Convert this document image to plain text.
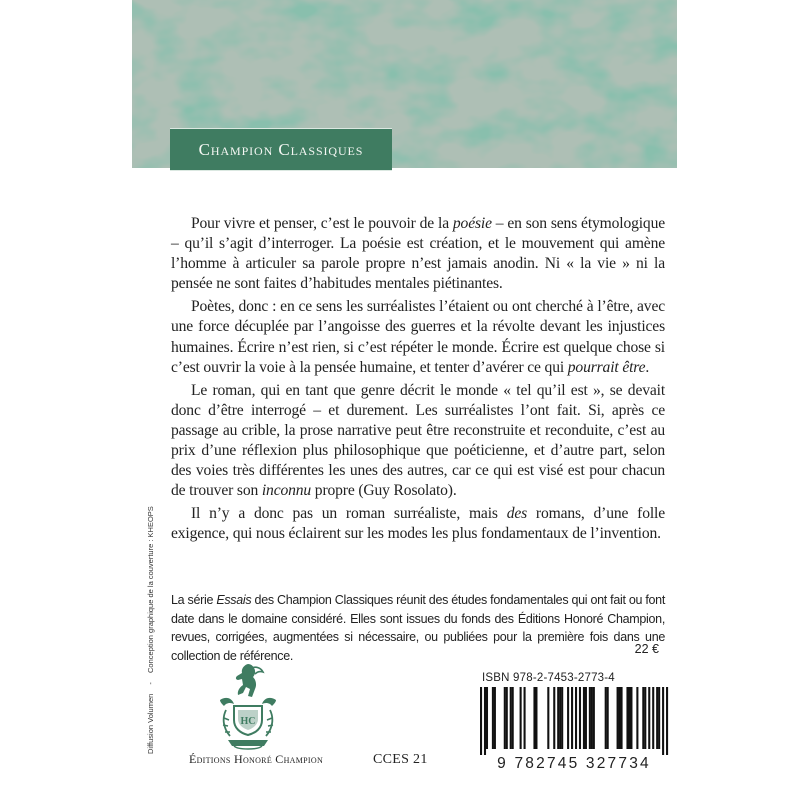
Champion Classiques

Pour vivre et penser, c’est le pouvoir de la poésie – en son sens étymologique – qu’il s’agit d’interroger. La poésie est création, et le mouvement qui amène l’homme à articuler sa parole propre n’est jamais anodin. Ni « la vie » ni la pensée ne sont faites d’habitudes mentales piétinantes.

Poètes, donc : en ce sens les surréalistes l’étaient ou ont cherché à l’être, avec une force décuplée par l’angoisse des guerres et la révolte devant les injustices humaines. Écrire n’est rien, si c’est répéter le monde. Écrire est quelque chose si c’est ouvrir la voie à la pensée humaine, et tenter d’avérer ce qui pourrait être.

Le roman, qui en tant que genre décrit le monde « tel qu’il est », se devait donc d’être interrogé – et durement. Les surréalistes l’ont fait. Si, après ce passage au crible, la prose narrative peut être reconstruite et reconduite, c’est au prix d’une réflexion plus philosophique que poéticienne, et d’autre part, selon des voies très différentes les unes des autres, car ce qui est visé est pour chacun de trouver son inconnu propre (Guy Rosolato).

Il n’y a donc pas un roman surréaliste, mais des romans, d’une folle exigence, qui nous éclairent sur les modes les plus fondamentaux de l’invention.

La série Essais des Champion Classiques réunit des études fondamentales qui ont fait ou font date dans le domaine considéré. Elles sont issues du fonds des Éditions Honoré Champion, revues, corrigées, augmentées si nécessaire, ou publiées pour la première fois dans une collection de référence.
Diffusion Volumen - Conception graphique de la couverture : KHEOPS
HC
Éditions Honoré Champion	CCES 21
22 €
ISBN 978-2-7453-2773-4
9 782745 327734
